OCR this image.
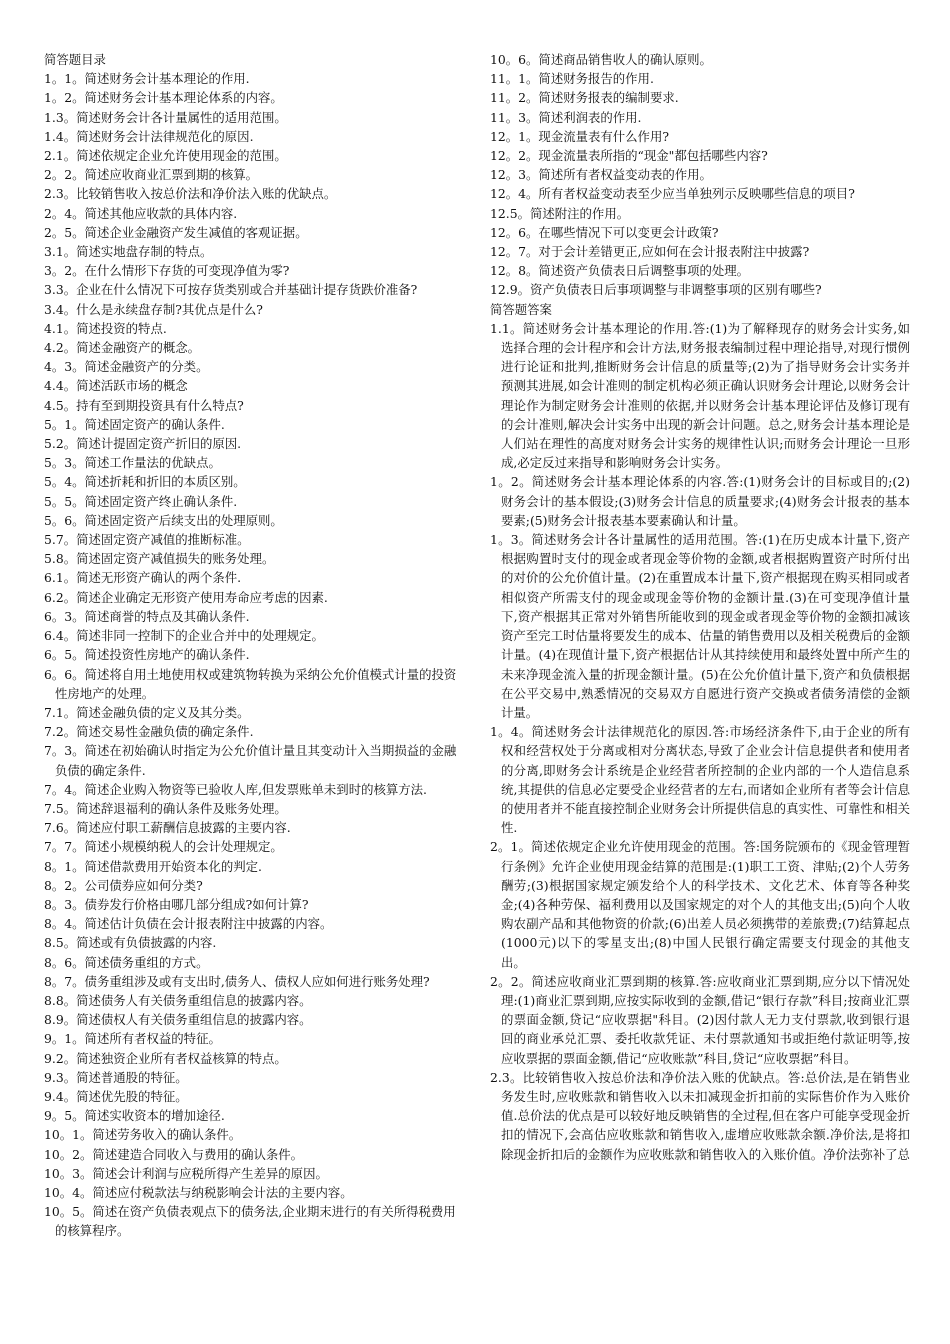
简答题目录
1。1。简述财务会计基本理论的作用.
1。2。简述财务会计基本理论体系的内容。
1.3。简述财务会计各计量属性的适用范围。
1.4。简述财务会计法律规范化的原因.
2.1。简述依规定企业允许使用现金的范围。
2。2。简述应收商业汇票到期的核算。
2.3。比较销售收入按总价法和净价法入账的优缺点。
2。4。简述其他应收款的具体内容.
2。5。简述企业金融资产发生减值的客观证据。
3.1。简述实地盘存制的特点。
3。2。在什么情形下存货的可变现净值为零?
3.3。企业在什么情况下可按存货类别或合并基础计提存货跌价准备?
3.4。什么是永续盘存制?其优点是什么?
4.1。简述投资的特点.
4.2。简述金融资产的概念。
4。3。简述金融资产的分类。
4.4。简述活跃市场的概念
4.5。持有至到期投资具有什么特点?
5。1。简述固定资产的确认条件.
5.2。简述计提固定资产折旧的原因.
5。3。简述工作量法的优缺点。
5。4。简述折耗和折旧的本质区别。
5。5。简述固定资产终止确认条件.
5。6。简述固定资产后续支出的处理原则。
5.7。简述固定资产减值的推断标准。
5.8。简述固定资产减值损失的账务处理。
6.1。简述无形资产确认的两个条件.
6.2。简述企业确定无形资产使用寿命应考虑的因素.
6。3。简述商誉的特点及其确认条件.
6.4。简述非同一控制下的企业合并中的处理规定。
6。5。简述投资性房地产的确认条件.
6。6。简述将自用土地使用权或建筑物转换为采纳公允价值模式计量的投资性房地产的处理。
7.1。简述金融负债的定义及其分类。
7.2。简述交易性金融负债的确定条件.
7。3。简述在初始确认时指定为公允价值计量且其变动计入当期损益的金融负债的确定条件.
7。4。简述企业购入物资等已验收人库,但发票账单未到时的核算方法.
7.5。简述辞退福利的确认条件及账务处理。
7.6。简述应付职工薪酬信息披露的主要内容.
7。7。简述小规模纳税人的会计处理规定。
8。1。简述借款费用开始资本化的判定.
8。2。公司债券应如何分类?
8。3。债券发行价格由哪几部分组成?如何计算?
8。4。简述估计负债在会计报表附注中披露的内容。
8.5。简述或有负债披露的内容.
8。6。简述债务重组的方式。
8。7。债务重组涉及或有支出时,债务人、债权人应如何进行账务处理?
8.8。简述债务人有关债务重组信息的披露内容。
8.9。简述债权人有关债务重组信息的披露内容。
9。1。简述所有者权益的特征。
9.2。简述独资企业所有者权益核算的特点。
9.3。简述普通股的特征。
9.4。简述优先股的特征。
9。5。简述实收资本的增加途径.
10。1。简述劳务收入的确认条件。
10。2。简述建造合同收入与费用的确认条件。
10。3。简述会计利润与应税所得产生差异的原因。
10。4。简述应付税款法与纳税影响会计法的主要内容。
10。5。简述在资产负债表观点下的债务法,企业期末进行的有关所得税费用的核算程序。
10。6。简述商品销售收人的确认原则。
11。1。简述财务报告的作用.
11。2。简述财务报表的编制要求.
11。3。简述利润表的作用.
12。1。现金流量表有什么作用?
12。2。现金流量表所指的“现金"都包括哪些内容?
12。3。简述所有者权益变动表的作用。
12。4。所有者权益变动表至少应当单独列示反映哪些信息的项目?
12.5。简述附注的作用。
12。6。在哪些情况下可以变更会计政策?
12。7。对于会计差错更正,应如何在会计报表附注中披露?
12。8。简述资产负债表日后调整事项的处理。
12.9。资产负债表日后事项调整与非调整事项的区别有哪些?
简答题答案
1.1。简述财务会计基本理论的作用.答:(1)为了解释现存的财务会计实务,如选择合理的会计程序和会计方法,财务报表编制过程中理论指导,对现行惯例进行论证和批判,推断财务会计信息的质量等;(2)为了指导财务会计实务并预测其进展,如会计准则的制定机构必须正确认识财务会计理论,以财务会计理论作为制定财务会计准则的依据,并以财务会计基本理论评估及修订现有的会计准则,解决会计实务中出现的新会计问题。总之,财务会计基本理论是人们站在理性的高度对财务会计实务的规律性认识;而财务会计理论一旦形成,必定反过来指导和影响财务会计实务。
1。2。简述财务会计基本理论体系的内容.答:(1)财务会计的目标或目的;(2)财务会计的基本假设;(3)财务会计信息的质量要求;(4)财务会计报表的基本要素;(5)财务会计报表基本要素确认和计量。
1。3。简述财务会计各计量属性的适用范围。答:(1)在历史成本计量下,资产根据购置时支付的现金或者现金等价物的金额,或者根据购置资产时所付出的对价的公允价值计量。(2)在重置成本计量下,资产根据现在购买相同或者相似资产所需支付的现金或现金等价物的金额计量.(3)在可变现净值计量下,资产根据其正常对外销售所能收到的现金或者现金等价物的金额扣减该资产至完工时估量将要发生的成本、估量的销售费用以及相关税费后的金额计量。(4)在现值计量下,资产根据估计从其持续使用和最终处置中所产生的未来净现金流入量的折现金额计量。(5)在公允价值计量下,资产和负债根据在公平交易中,熟悉情况的交易双方自愿进行资产交换或者债务清偿的金额计量。
1。4。简述财务会计法律规范化的原因.答:市场经济条件下,由于企业的所有权和经营权处于分离或相对分离状态,导致了企业会计信息提供者和使用者的分离,即财务会计系统是企业经营者所控制的企业内部的一个人造信息系统,其提供的信息必定要受企业经营者的左右,而诸如企业所有者等会计信息的使用者并不能直接控制企业财务会计所提供信息的真实性、可靠性和相关性.
2。1。简述依规定企业允许使用现金的范围。答:国务院颁布的《现金管理暂行条例》允许企业使用现金结算的范围是:(1)职工工资、津贴;(2)个人劳务酬劳;(3)根据国家规定颁发给个人的科学技术、文化艺术、体育等各种奖金;(4)各种劳保、福利费用以及国家规定的对个人的其他支出;(5)向个人收购农副产品和其他物资的价款;(6)出差人员必须携带的差旅费;(7)结算起点(1000元)以下的零星支出;(8)中国人民银行确定需要支付现金的其他支出。
2。2。简述应收商业汇票到期的核算.答:应收商业汇票到期,应分以下情况处理:(1)商业汇票到期,应按实际收到的金额,借记“银行存款”科目;按商业汇票的票面金额,贷记“应收票据"科目。(2)因付款人无力支付票款,收到银行退回的商业承兑汇票、委托收款凭证、未付票款通知书或拒绝付款证明等,按应收票据的票面金额,借记“应收账款”科目,贷记“应收票据”科目。
2.3。比较销售收入按总价法和净价法入账的优缺点。答:总价法,是在销售业务发生时,应收账款和销售收入以未扣减现金折扣前的实际售价作为入账价值.总价法的优点是可以较好地反映销售的全过程,但在客户可能享受现金折扣的情况下,会高估应收账款和销售收入,虚增应收账款余额.净价法,是将扣除现金折扣后的金额作为应收账款和销售收入的入账价值。净价法弥补了总
